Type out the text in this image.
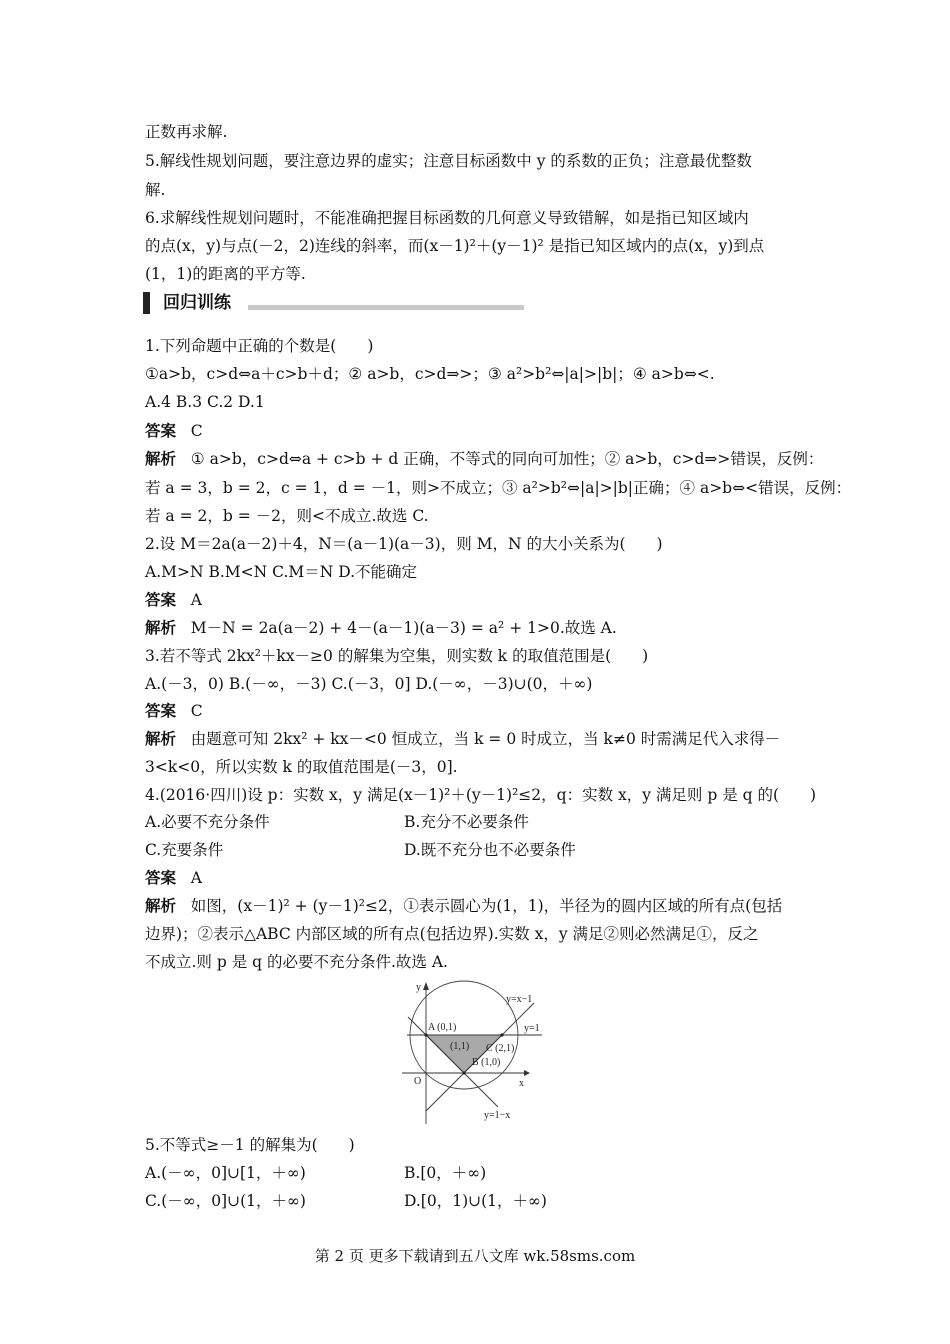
正数再求解.
5.解线性规划问题，要注意边界的虚实；注意目标函数中 y 的系数的正负；注意最优整数
解.
6.求解线性规划问题时，不能准确把握目标函数的几何意义导致错解，如是指已知区域内
的点(x，y)与点(－2，2)连线的斜率，而(x－1)²＋(y－1)² 是指已知区域内的点(x，y)到点
(1，1)的距离的平方等.
回归训练
1.下列命题中正确的个数是(　　)
①a>b，c>d⇔a＋c>b＋d；② a>b，c>d⇒>；③ a²>b²⇔|a|>|b|；④ a>b⇔<.
A.4 B.3 C.2 D.1
答案 C
解析 ① a>b，c>d⇔a + c>b + d 正确，不等式的同向可加性；② a>b，c>d⇒>错误，反例：
若 a = 3，b = 2，c = 1，d = －1，则>不成立；③ a²>b²⇔|a|>|b|正确；④ a>b⇔<错误，反例：
若 a = 2，b = －2，则<不成立.故选 C.
2.设 M＝2a(a－2)＋4，N＝(a－1)(a－3)，则 M，N 的大小关系为(　　)
A.M>N B.M<N C.M＝N D.不能确定
答案 A
解析 M－N = 2a(a－2) + 4－(a－1)(a－3) = a² + 1>0.故选 A.
3.若不等式 2kx²＋kx－≥0 的解集为空集，则实数 k 的取值范围是(　　)
A.(－3，0) B.(－∞，－3) C.(－3，0] D.(－∞，－3)∪(0，＋∞)
答案 C
解析 由题意可知 2kx² + kx－<0 恒成立，当 k = 0 时成立，当 k≠0 时需满足代入求得－
3<k<0，所以实数 k 的取值范围是(－3，0].
4.(2016·四川)设 p：实数 x，y 满足(x－1)²＋(y－1)²≤2，q：实数 x，y 满足则 p 是 q 的(　　)
A.必要不充分条件	B.充分不必要条件
C.充要条件	D.既不充分也不必要条件
答案 A
解析 如图，(x－1)² + (y－1)²≤2，①表示圆心为(1，1)，半径为的圆内区域的所有点(包括
边界)；②表示△ABC 内部区域的所有点(包括边界).实数 x，y 满足②则必然满足①，反之
不成立.则 p 是 q 的必要不充分条件.故选 A.
y
x
O
A (0,1)
(1,1) C (2,1)
B (1,0)
y=x−1
y=1
y=1−x
5.不等式≥－1 的解集为(　　)
A.(－∞，0]∪[1，＋∞)	B.[0，＋∞)
C.(－∞，0]∪(1，＋∞)	D.[0，1)∪(1，＋∞)
第 2 页 更多下载请到五八文库 wk.58sms.com
